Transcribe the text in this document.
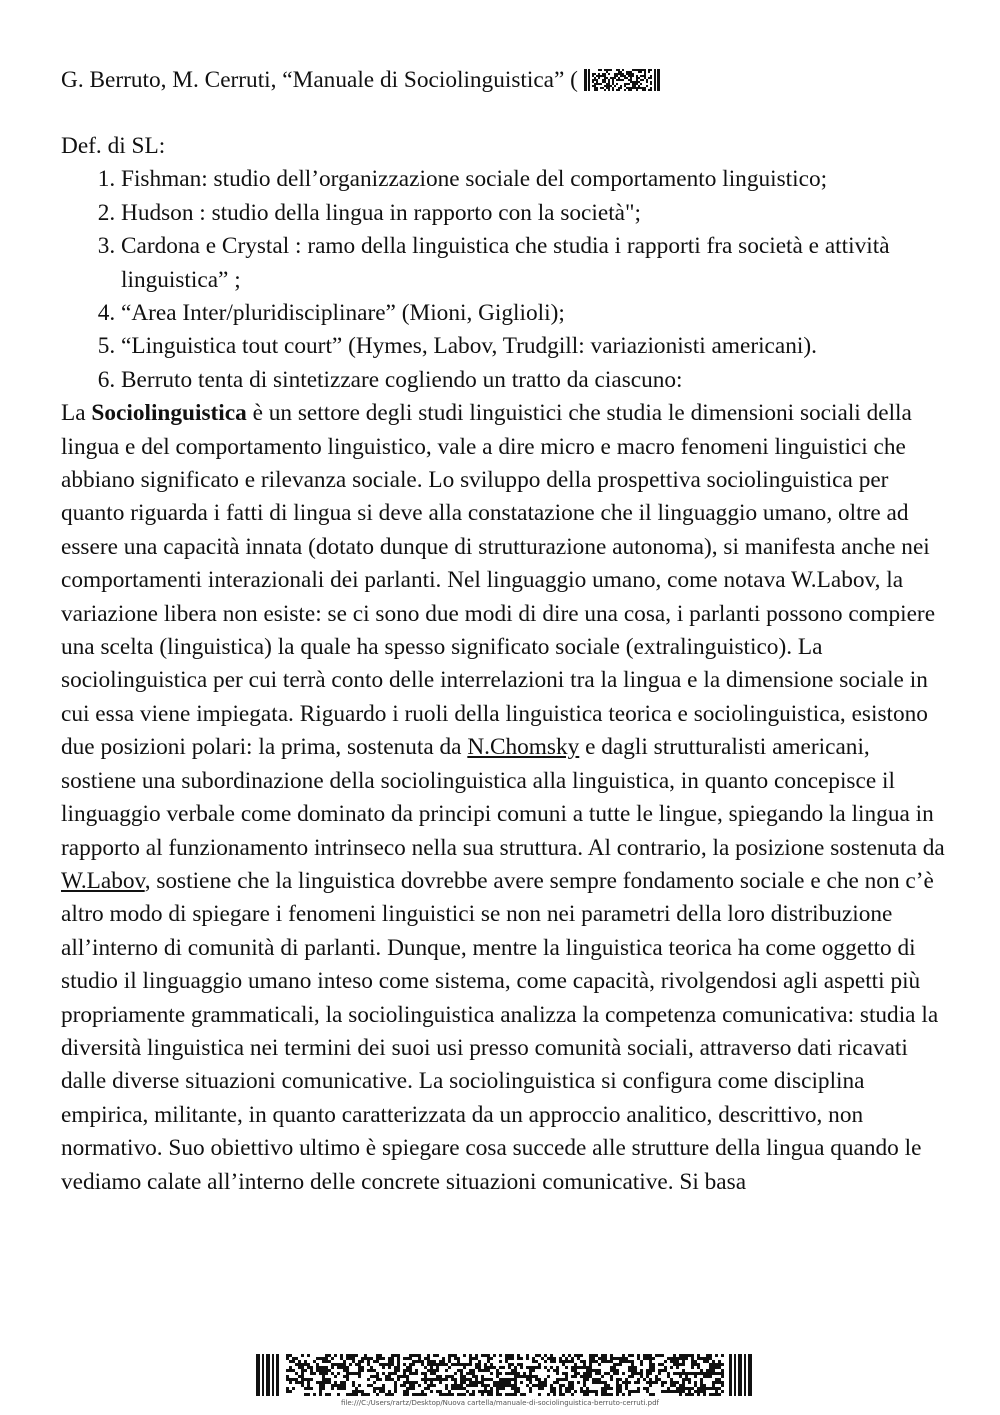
G. Berruto, M. Cerruti, “Manuale di Sociolinguistica” (
Def. di SL:
1. Fishman: studio dell’organizzazione sociale del comportamento linguistico;
2. Hudson : studio della lingua in rapporto con la società";
3. Cardona e Crystal : ramo della linguistica che studia i rapporti fra società e attività linguistica” ;
4. “Area Inter/pluridisciplinare” (Mioni, Giglioli);
5. “Linguistica tout court” (Hymes, Labov, Trudgill: variazionisti americani).
6. Berruto tenta di sintetizzare cogliendo un tratto da ciascuno:

La Sociolinguistica è un settore degli studi linguistici che studia le dimensioni sociali della lingua e del comportamento linguistico, vale a dire micro e macro fenomeni linguistici che abbiano significato e rilevanza sociale. Lo sviluppo della prospettiva sociolinguistica per quanto riguarda i fatti di lingua si deve alla constatazione che il linguaggio umano, oltre ad essere una capacità innata (dotato dunque di strutturazione autonoma), si manifesta anche nei comportamenti interazionali dei parlanti. Nel linguaggio umano, come notava W.Labov, la variazione libera non esiste: se ci sono due modi di dire una cosa, i parlanti possono compiere una scelta (linguistica) la quale ha spesso significato sociale (extralinguistico). La sociolinguistica per cui terrà conto delle interrelazioni tra la lingua e la dimensione sociale in cui essa viene impiegata. Riguardo i ruoli della linguistica teorica e sociolinguistica, esistono due posizioni polari: la prima, sostenuta da N.Chomsky e dagli strutturalisti americani, sostiene una subordinazione della sociolinguistica alla linguistica, in quanto concepisce il linguaggio verbale come dominato da principi comuni a tutte le lingue, spiegando la lingua in rapporto al funzionamento intrinseco nella sua struttura. Al contrario, la posizione sostenuta da W.Labov, sostiene che la linguistica dovrebbe avere sempre fondamento sociale e che non c’è altro modo di spiegare i fenomeni linguistici se non nei parametri della loro distribuzione all’interno di comunità di parlanti. Dunque, mentre la linguistica teorica ha come oggetto di studio il linguaggio umano inteso come sistema, come capacità, rivolgendosi agli aspetti più propriamente grammaticali, la sociolinguistica analizza la competenza comunicativa: studia la diversità linguistica nei termini dei suoi usi presso comunità sociali, attraverso dati ricavati dalle diverse situazioni comunicative. La sociolinguistica si configura come disciplina empirica, militante, in quanto caratterizzata da un approccio analitico, descrittivo, non normativo. Suo obiettivo ultimo è spiegare cosa succede alle strutture della lingua quando le vediamo calate all’interno delle concrete situazioni comunicative. Si basa

file:///C:/Users/rartz/Desktop/Nuova cartella/manuale-di-sociolinguistica-berruto-cerruti.pdf
